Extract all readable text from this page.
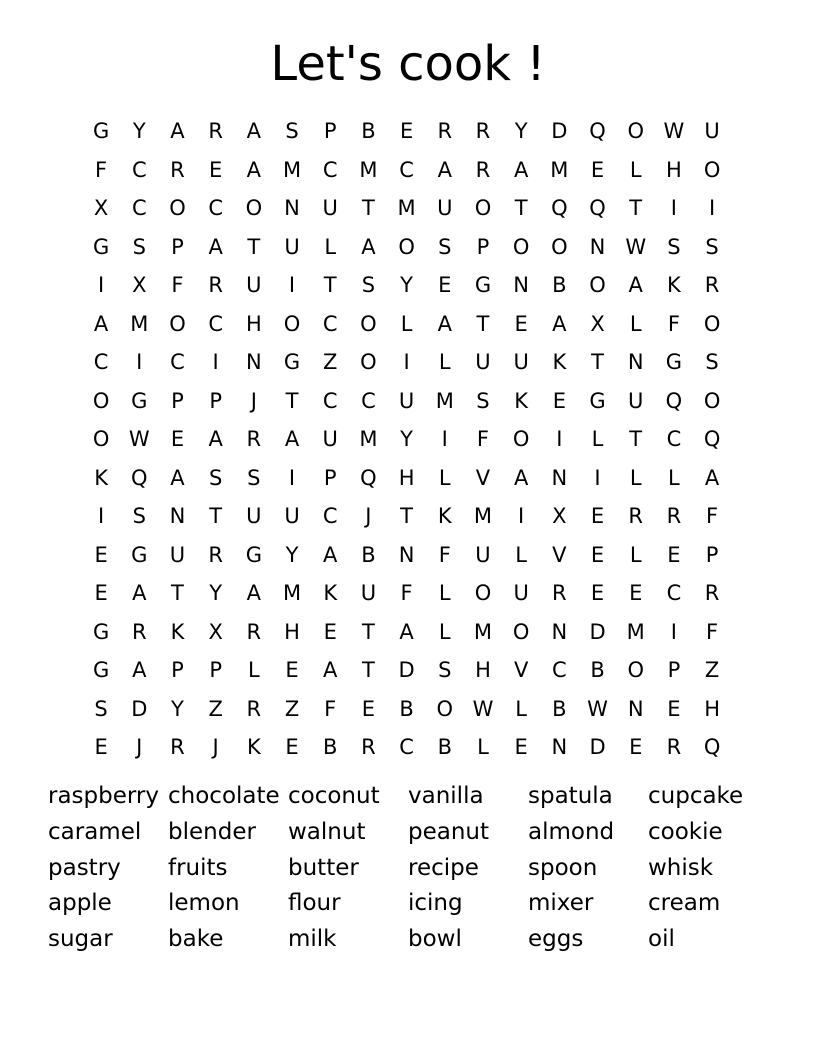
Let's cook !
G	Y	A	R	A	S	P	B	E	R	R	Y	D	Q	O W U
F	C	R	E	A	M	C	M	C	A	R	A	M	E	L	H	O
X	C	O	C	O	N	U	T	M	U	O	T	Q	Q	T	I	I
G	S	P	A	T	U	L	A	O	S	P	O	O	N W	S	S
I	X	F	R	U	I	T	S	Y	E	G	N	B	O	A	K	R
A	M O	C	H	O	C	O	L	A	T	E	A	X	L	F	O
C	I	C	I	N	G	Z	O	I	L	U	U	K	T	N	G	S
O	G	P	P	J	T	C	C	U	M	S	K	E	G	U	Q	O
O W	E	A	R	A	U	M	Y	I	F	O	I	L	T	C	Q
K	Q	A	S	S	I	P	Q	H	L	V	A	N	I	L	L	A
I	S	N	T	U	U	C	J	T	K	M	I	X	E	R	R	F
E	G	U	R	G	Y	A	B	N	F	U	L	V	E	L	E	P
E	A	T	Y	A	M	K	U	F	L	O	U	R	E	E	C	R
G	R	K	X	R	H	E	T	A	L	M O	N	D	M	I	F
G	A	P	P	L	E	A	T	D	S	H	V	C	B	O	P	Z
S	D	Y	Z	R	Z	F	E	B	O W	L	B W N	E	H
E	J	R	J	K	E	B	R	C	B	L	E	N	D	E	R	Q
raspberry chocolate coconut	vanilla	spatula	cupcake
caramel	blender	walnut	peanut	almond	cookie
pastry	fruits	butter	recipe	spoon	whisk
apple	lemon	flour	icing	mixer	cream
sugar	bake	milk	bowl	eggs	oil
